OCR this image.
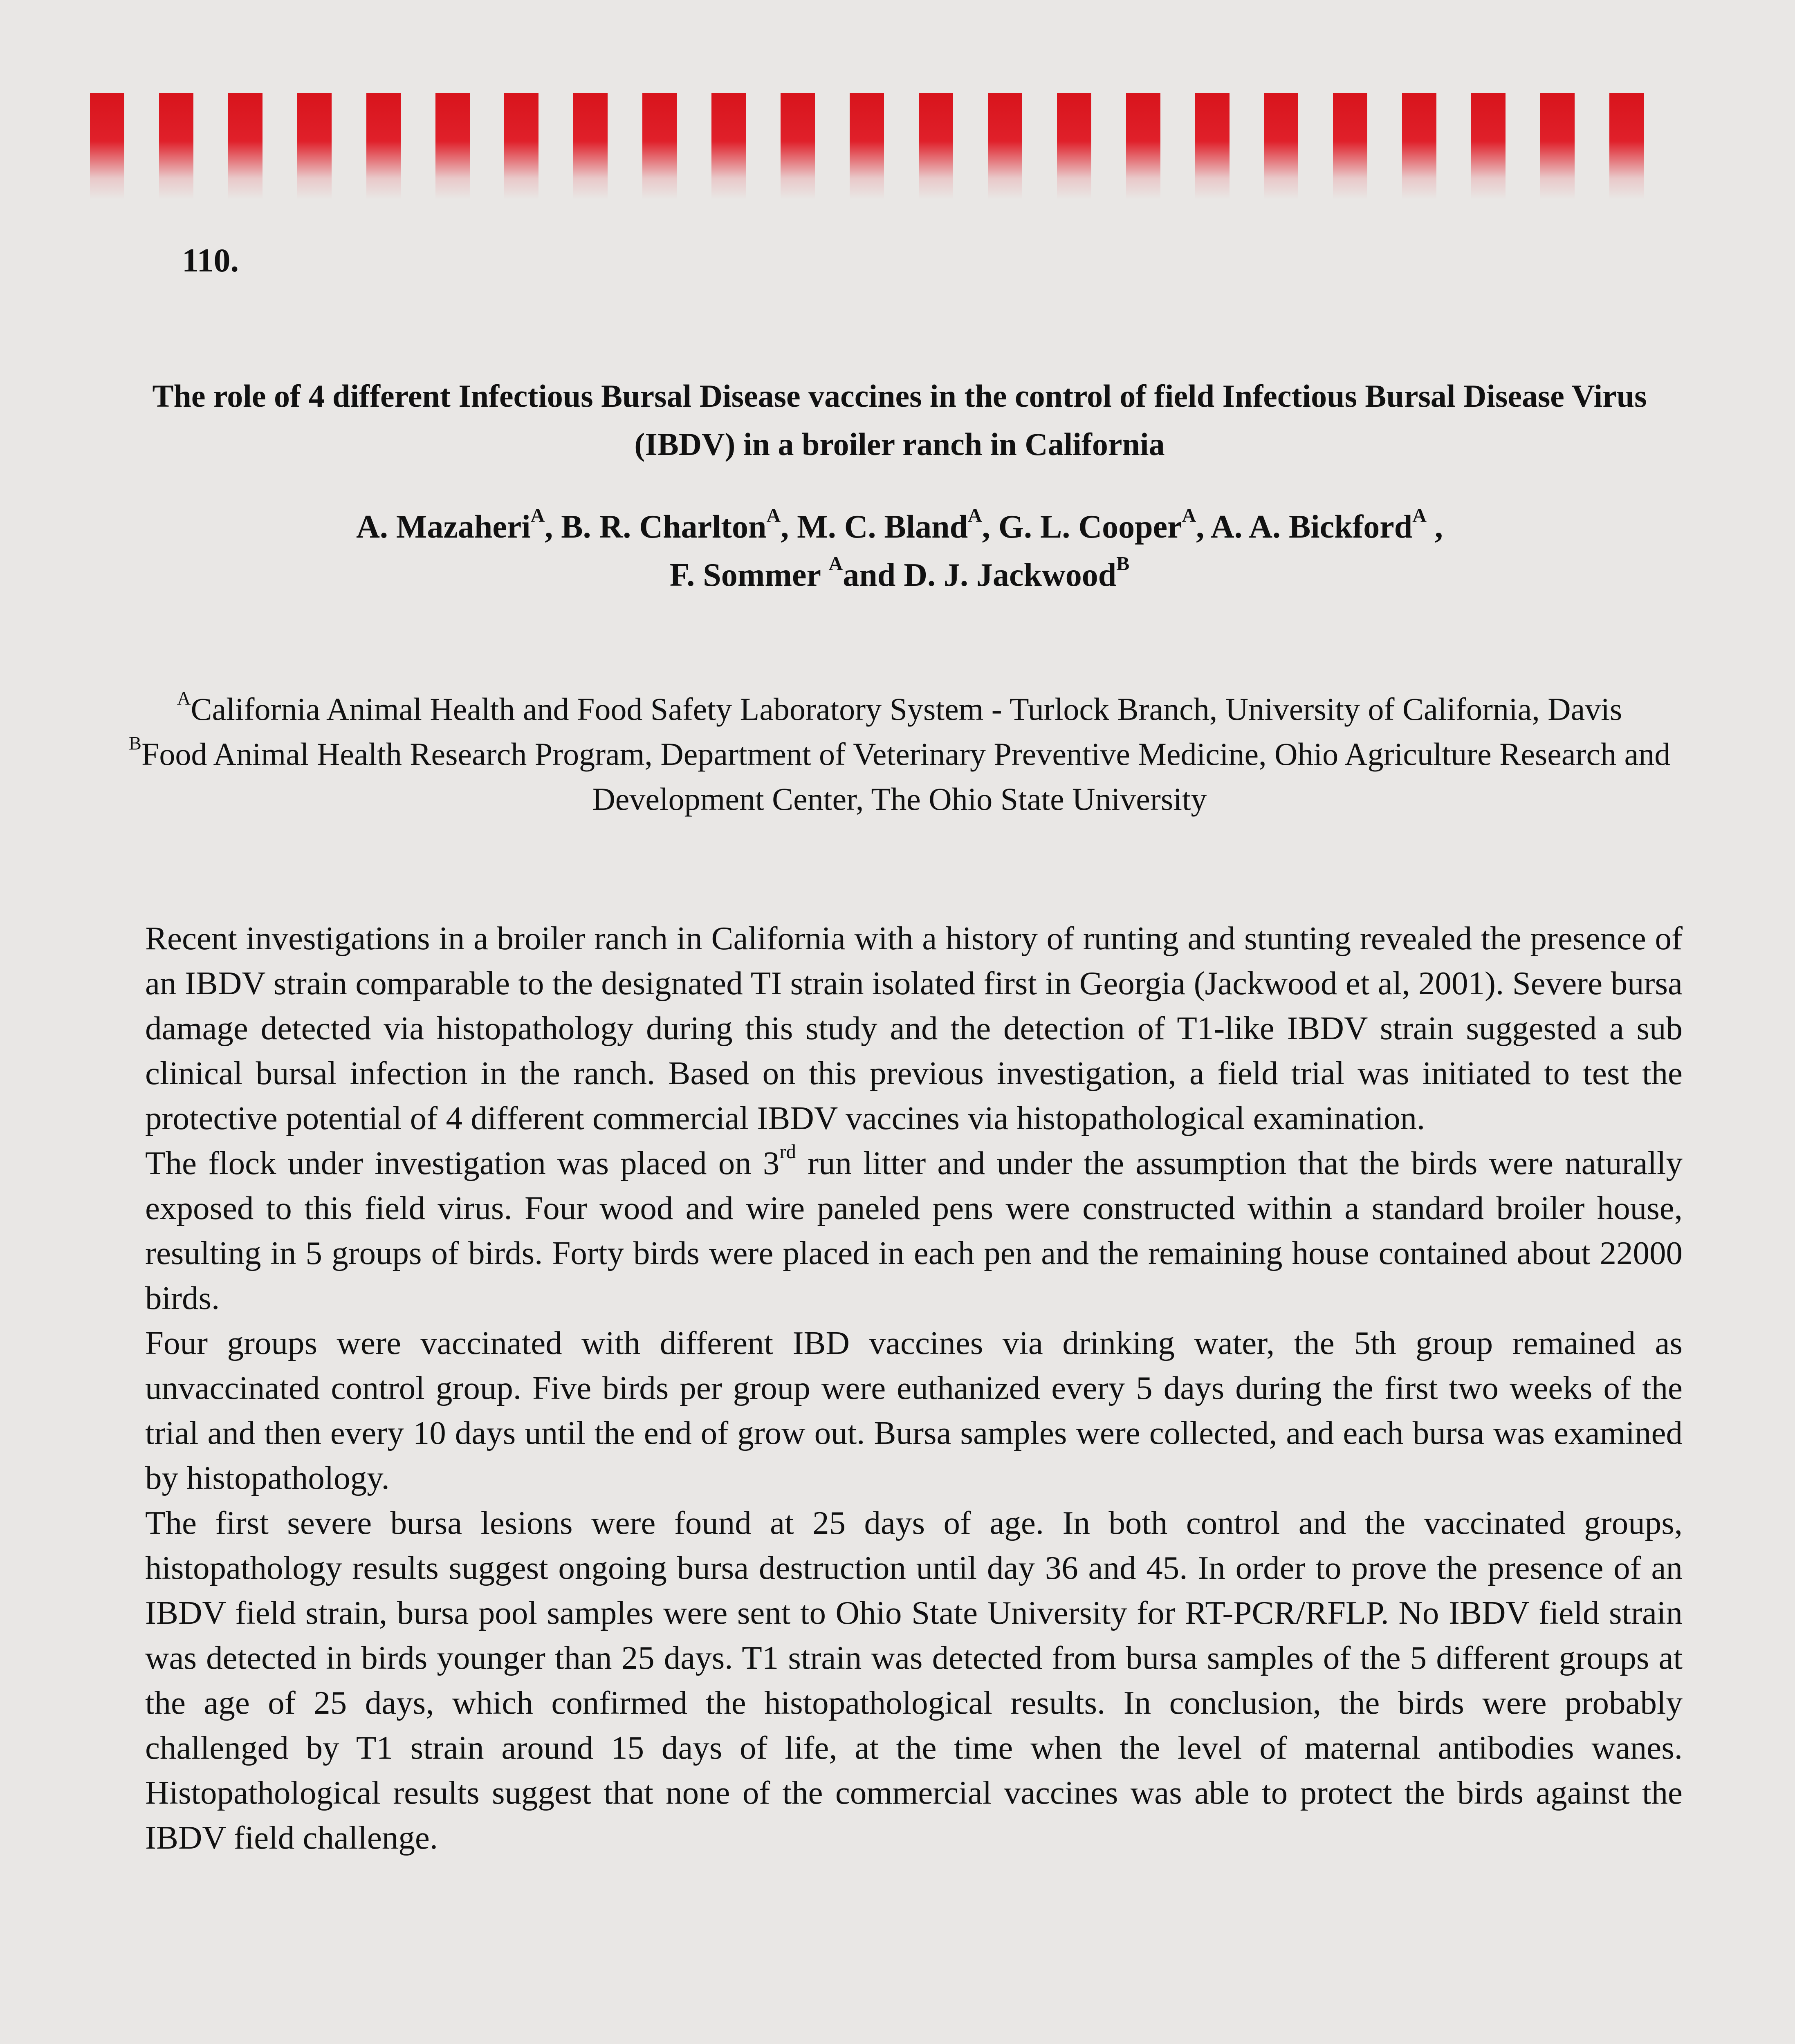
110.
The role of 4 different Infectious Bursal Disease vaccines in the control of field Infectious Bursal Disease Virus (IBDV) in a broiler ranch in California
A. Mazaheri$^A$, B. R. Charlton$^A$, M. C. Bland$^A$, G. L. Cooper$^A$, A. A. Bickford$^A$ ,
F. Sommer $^A$and D. J. Jackwood$^B$
$^A$California Animal Health and Food Safety Laboratory System - Turlock Branch, University of California, Davis
$^B$Food Animal Health Research Program, Department of Veterinary Preventive Medicine, Ohio Agriculture Research and Development Center, The Ohio State University

Recent investigations in a broiler ranch in California with a history of runting and stunting revealed the presence of an IBDV strain comparable to the designated TI strain isolated first in Georgia (Jackwood et al, 2001). Severe bursa damage detected via histopathology during this study and the detection of T1-like IBDV strain suggested a sub clinical bursal infection in the ranch. Based on this previous investigation, a field trial was initiated to test the protective potential of 4 different commercial IBDV vaccines via histopathological examination.

The flock under investigation was placed on 3rd run litter and under the assumption that the birds were naturally exposed to this field virus. Four wood and wire paneled pens were constructed within a standard broiler house, resulting in 5 groups of birds. Forty birds were placed in each pen and the remaining house contained about 22000 birds.

Four groups were vaccinated with different IBD vaccines via drinking water, the 5th group remained as unvaccinated control group. Five birds per group were euthanized every 5 days during the first two weeks of the trial and then every 10 days until the end of grow out. Bursa samples were collected, and each bursa was examined by histopathology.

The first severe bursa lesions were found at 25 days of age. In both control and the vaccinated groups, histopathology results suggest ongoing bursa destruction until day 36 and 45. In order to prove the presence of an IBDV field strain, bursa pool samples were sent to Ohio State University for RT-PCR/RFLP. No IBDV field strain was detected in birds younger than 25 days. T1 strain was detected from bursa samples of the 5 different groups at the age of 25 days, which confirmed the histopathological results. In conclusion, the birds were probably challenged by T1 strain around 15 days of life, at the time when the level of maternal antibodies wanes. Histopathological results suggest that none of the commercial vaccines was able to protect the birds against the IBDV field challenge.
